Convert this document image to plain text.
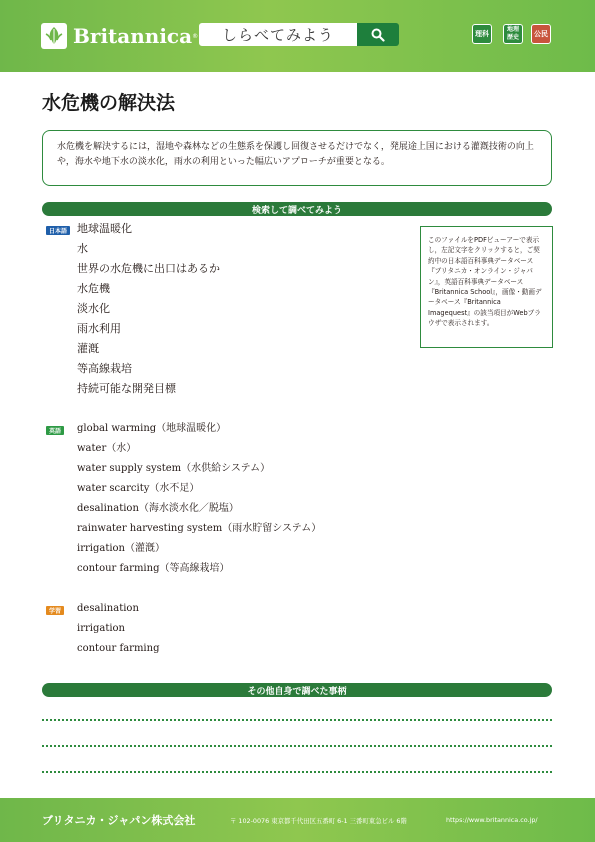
Britannica ® しらべてみよう	理科
地理
歴史	公民
水危機の解決法
水危機を解決するには，湿地や森林などの生態系を保護し回復させるだけでなく，発展途上国における灌漑技術の向上や，海水や地下水の淡水化，雨水の利用といった幅広いアプローチが重要となる。
検索して調べてみよう
日本語 地球温暖化
水
世界の水危機に出口はあるか
水危機
淡水化
雨水利用
灌漑
等高線栽培
持続可能な開発目標
このファイルをPDFビューアーで表示し，左記文字をクリックすると，ご契約中の日本語百科事典データベース『ブリタニカ・オンライン・ジャパン』，英語百科事典データベース『Britannica School』，画像・動画データベース『Britannica Imagequest』の該当項目がWebブラウザで表示されます。
英語	global warming（地球温暖化）
water（水）
water supply system（水供給システム）
water scarcity（水不足）
desalination（海水淡水化／脱塩）
rainwater harvesting system（雨水貯留システム）
irrigation（灌漑）
contour farming（等高線栽培）
学習	desalination
irrigation
contour farming
その他自身で調べた事柄
ブリタニカ・ジャパン株式会社	〒 102-0076 東京都千代田区五番町 6-1 三番町東急ビル 6階	https://www.britannica.co.jp/
